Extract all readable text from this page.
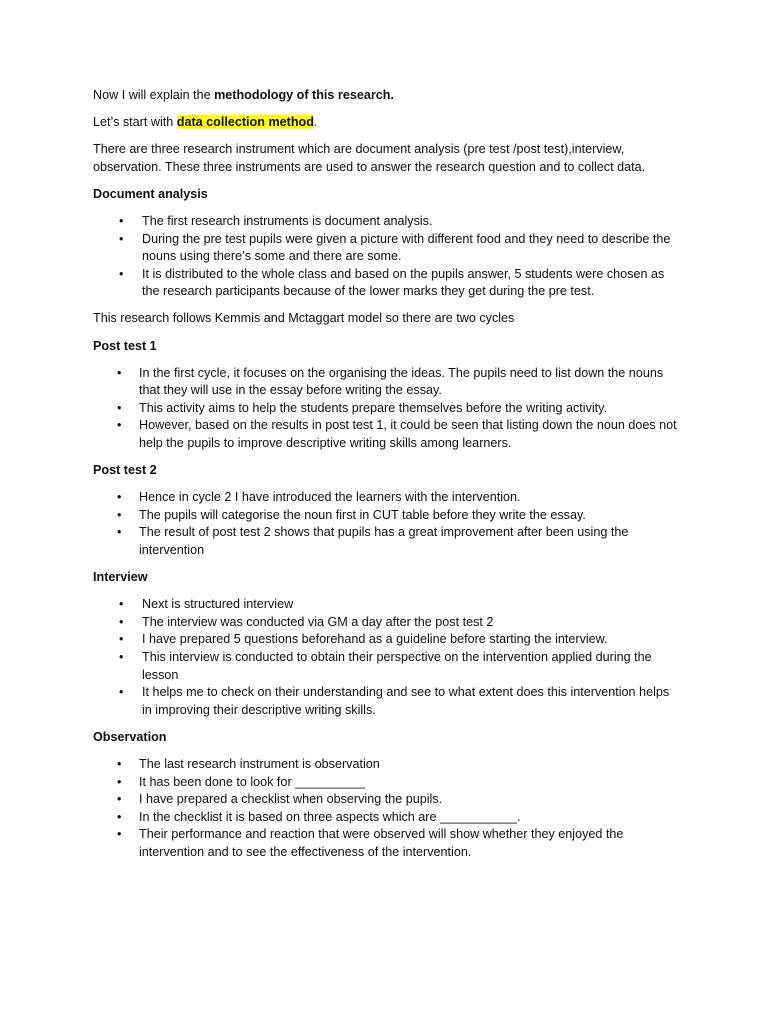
Now I will explain the methodology of this research.

Let’s start with data collection method.

There are three research instrument which are document analysis (pre test /post test),interview, observation. These three instruments are used to answer the research question and to collect data.

Document analysis

• The first research instruments is document analysis.
• During the pre test pupils were given a picture with different food and they need to describe the nouns using there’s some and there are some.
• It is distributed to the whole class and based on the pupils answer, 5 students were chosen as the research participants because of the lower marks they get during the pre test.

This research follows Kemmis and Mctaggart model so there are two cycles

Post test 1

• In the first cycle, it focuses on the organising the ideas. The pupils need to list down the nouns that they will use in the essay before writing the essay.
• This activity aims to help the students prepare themselves before the writing activity.
• However, based on the results in post test 1, it could be seen that listing down the noun does not help the pupils to improve descriptive writing skills among learners.

Post test 2

• Hence in cycle 2 I have introduced the learners with the intervention.
• The pupils will categorise the noun first in CUT table before they write the essay.
• The result of post test 2 shows that pupils has a great improvement after been using the intervention

Interview

• Next is structured interview
• The interview was conducted via GM a day after the post test 2
• I have prepared 5 questions beforehand as a guideline before starting the interview.
• This interview is conducted to obtain their perspective on the intervention applied during the lesson
• It helps me to check on their understanding and see to what extent does this intervention helps in improving their descriptive writing skills.

Observation

• The last research instrument is observation
• It has been done to look for __________
• I have prepared a checklist when observing the pupils.
• In the checklist it is based on three aspects which are ___________.
• Their performance and reaction that were observed will show whether they enjoyed the intervention and to see the effectiveness of the intervention.
